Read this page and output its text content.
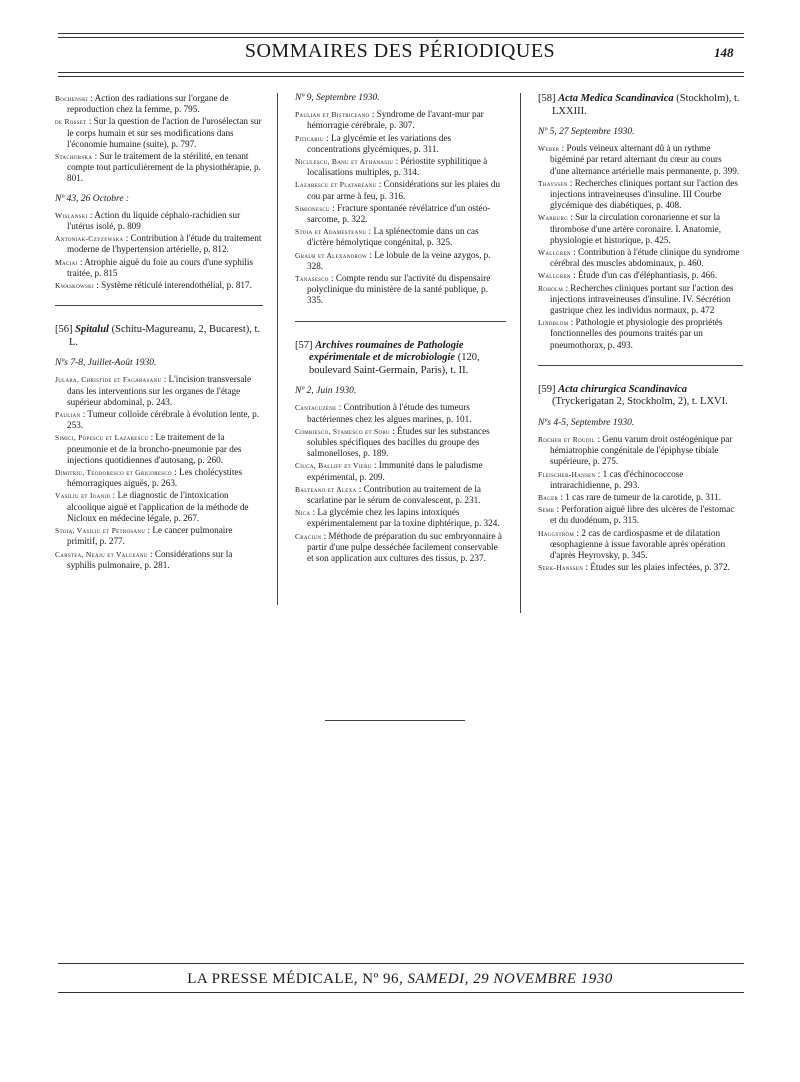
SOMMAIRES DES PÉRIODIQUES	148
Bochenski : Action des radiations sur l'organe de reproduction chez la femme, p. 795.
de Rosset : Sur la question de l'action de l'urosélectan sur le corps humain et sur ses modifications dans l'économie humaine (suite), p. 797.
Stachorska : Sur le traitement de la stérilité, en tenant compte tout particulièrement de la physiothérapie, p. 801.
Nº 43, 26 Octobre :
Wislanski : Action du liquide céphalo-rachidien sur l'utérus isolé, p. 809
Antoniak-Czyzewska : Contribution à l'étude du traitement moderne de l'hypertension artérielle, p. 812.
Maciaj : Atrophie aiguë du foie au cours d'une syphilis traitée, p. 815
Kwaskowski : Système réticulé interendothélial, p. 817.
[56] Spitalul (Schitu-Magureanu, 2, Bucarest), t. L.
Nºs 7-8, Juillet-Août 1930.
Julara, Christide et Fagarasanu : L'incision transversale dans les interventions sur les organes de l'étage supérieur abdominal, p. 243.
Paulian : Tumeur colloïde cérébrale à évolution lente, p. 253.
Simici, Popescu et Lazarescu : Le traitement de la pneumonie et de la broncho-pneumonie par des injections quotidiennes d'autosang, p. 260.
Dimitriu, Teodoresco et Grigoresco : Les cholécystites hémorragiques aiguës, p. 263.
Vasiliu et Ioanid : Le diagnostic de l'intoxication alcoolique aiguë et l'application de la méthode de Nicloux en médecine légale, p. 267.
Stoia, Vasiliu et Petrosanu : Le cancer pulmonaire primitif, p. 277.
Carstea, Neaju et Valceanu : Considérations sur la syphilis pulmonaire, p. 281.
Nº 9, Septembre 1930.
Paulian et Bistriceano : Syndrome de l'avant-mur par hémorragie cérébrale, p. 307.
Piticariu : La glycémie et les variations des concentrations glycémiques, p. 311.
Niculescu, Banu et Athanasiu : Périostite syphilitique à localisations multiples, p. 314.
Lazarescu et Platareanu : Considérations sur les plaies du cou par arme à feu, p. 316.
Simionescu : Fracture spontanée révélatrice d'un ostéo-sarcome, p. 322.
Stoia et Adamesteanu : La splénectomie dans un cas d'ictère hémolytique congénital, p. 325.
Graur et Alexandrow : Le lobule de la veine azygos, p. 328.
Tanasesco : Compte rendu sur l'activité du dispensaire polyclinique du ministère de la santé publique, p. 335.
[57] Archives roumaines de Pathologie expérimentale et de microbiologie (120, boulevard Saint-Germain, Paris), t. II.
Nº 2, Juin 1930.
Cantacuzène : Contribution à l'étude des tumeurs bactériennes chez les algues marines, p. 101.
Combiesco, Stamesco et Soru : Études sur les substances solubles spécifiques des bacilles du groupe des salmonelloses, p. 189.
Ciuca, Balliff et Vieru : Immunité dans le paludisme expérimental, p. 209.
Balteano et Alexa : Contribution au traitement de la scarlatine par le sérum de convalescent, p. 231.
Nica : La glycémie chez les lapins intoxiqués expérimentalement par la toxine diphtérique, p. 324.
Craciun : Méthode de préparation du suc embryonnaire à partir d'une pulpe desséchée facilement conservable et son application aux cultures des tissus, p. 237.
[58] Acta Medica Scandinavica (Stockholm), t. LXXIII.
Nº 5, 27 Septembre 1930.
Weber : Pouls veineux alternant dû à un rythme bigéminé par retard alternant du cœur au cours d'une alternance artérielle mais permanente, p. 399.
Thayssen : Recherches cliniques portant sur l'action des injections intraveineuses d'insuline. III Courbe glycémique des diabétiques, p. 408.
Warburg : Sur la circulation coronarienne et sur la thrombose d'une artère coronaire. I. Anatomie, physiologie et historique, p. 425.
Wallgren : Contribution à l'étude clinique du syndrome cérébral des muscles abdominaux, p. 460.
Wallgren : Étude d'un cas d'éléphantiasis, p. 466.
Roholm : Recherches cliniques portant sur l'action des injections intraveineuses d'insuline. IV. Sécrétion gastrique chez les individus normaux, p. 472
Lindblom : Pathologie et physiologie des propriétés fonctionnelles des poumons traités par un pneumothorax, p. 493.
[59] Acta chirurgica Scandinavica (Tryckerigatan 2, Stockholm, 2), t. LXVI.
Nºs 4-5, Septembre 1930.
Rocher et Roudil : Genu varum droit ostéogénique par hémiatrophie congénitale de l'épiphyse tibiale supérieure, p. 275.
Fleischer-Hansen : 1 cas d'échinococcose intrarachidienne, p. 293.
Bager : 1 cas rare de tumeur de la carotide, p. 311.
Semb : Perforation aiguë libre des ulcères de l'estomac et du duodénum, p. 315.
Haggström : 2 cas de cardiospasme et de dilatation œsophagienne à issue favorable après opération d'après Heyrovsky, p. 345.
Serk-Hanssen : Études sur les plaies infectées, p. 372.
LA PRESSE MÉDICALE, Nº 96, SAMEDI, 29 NOVEMBRE 1930
